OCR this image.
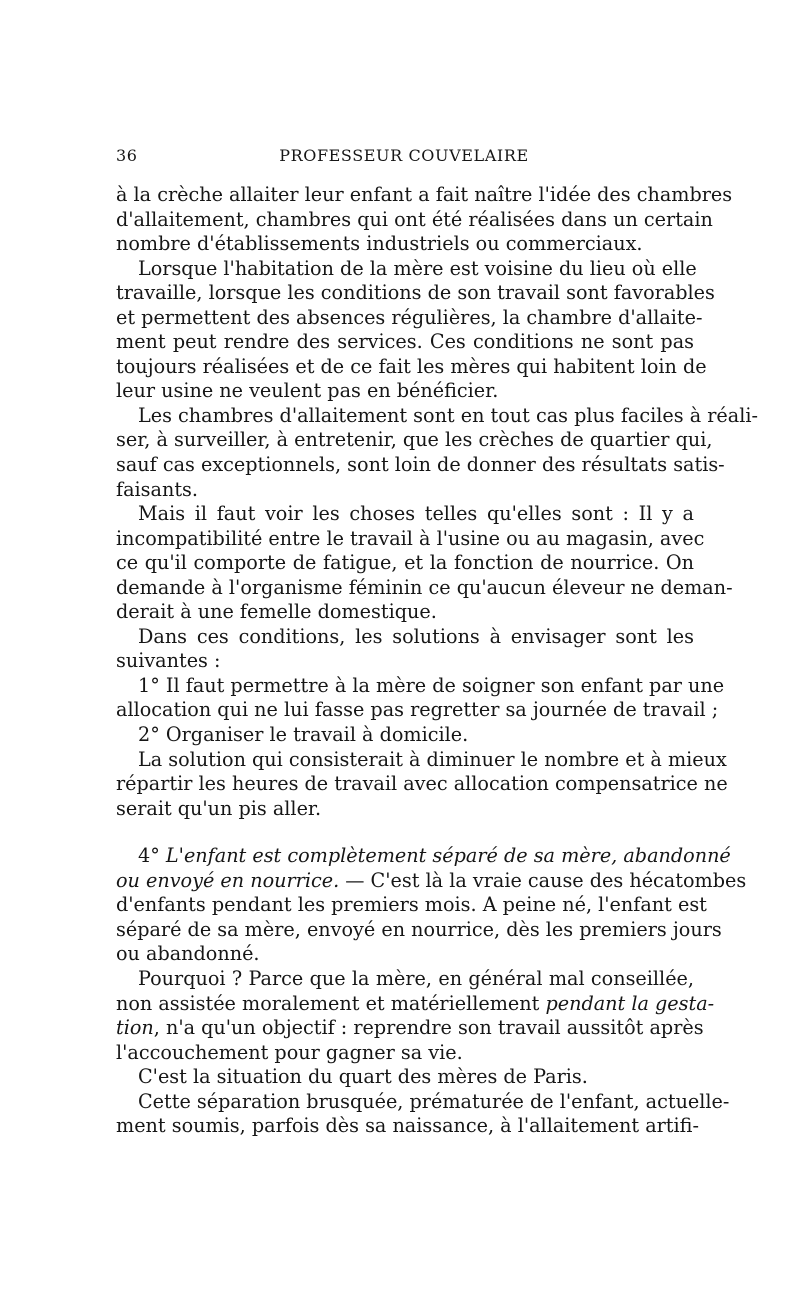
36	PROFESSEUR COUVELAIRE
à la crèche allaiter leur enfant a fait naître l'idée des chambres
d'allaitement, chambres qui ont été réalisées dans un certain
nombre d'établissements industriels ou commerciaux.
Lorsque l'habitation de la mère est voisine du lieu où elle
travaille, lorsque les conditions de son travail sont favorables
et permettent des absences régulières, la chambre d'allaite-
ment peut rendre des services. Ces conditions ne sont pas
toujours réalisées et de ce fait les mères qui habitent loin de
leur usine ne veulent pas en bénéficier.
Les chambres d'allaitement sont en tout cas plus faciles à réali-
ser, à surveiller, à entretenir, que les crèches de quartier qui,
sauf cas exceptionnels, sont loin de donner des résultats satis-
faisants.
Mais il faut voir les choses telles qu'elles sont : Il y a
incompatibilité entre le travail à l'usine ou au magasin, avec
ce qu'il comporte de fatigue, et la fonction de nourrice. On
demande à l'organisme féminin ce qu'aucun éleveur ne deman-
derait à une femelle domestique.
Dans ces conditions, les solutions à envisager sont les
suivantes :
1° Il faut permettre à la mère de soigner son enfant par une
allocation qui ne lui fasse pas regretter sa journée de travail ;
2° Organiser le travail à domicile.
La solution qui consisterait à diminuer le nombre et à mieux
répartir les heures de travail avec allocation compensatrice ne
serait qu'un pis aller.
4° L'enfant est complètement séparé de sa mère, abandonné
ou envoyé en nourrice. — C'est là la vraie cause des hécatombes
d'enfants pendant les premiers mois. A peine né, l'enfant est
séparé de sa mère, envoyé en nourrice, dès les premiers jours
ou abandonné.
Pourquoi ? Parce que la mère, en général mal conseillée,
non assistée moralement et matériellement pendant la gesta-
tion, n'a qu'un objectif : reprendre son travail aussitôt après
l'accouchement pour gagner sa vie.
C'est la situation du quart des mères de Paris.
Cette séparation brusquée, prématurée de l'enfant, actuelle-
ment soumis, parfois dès sa naissance, à l'allaitement artifi-
